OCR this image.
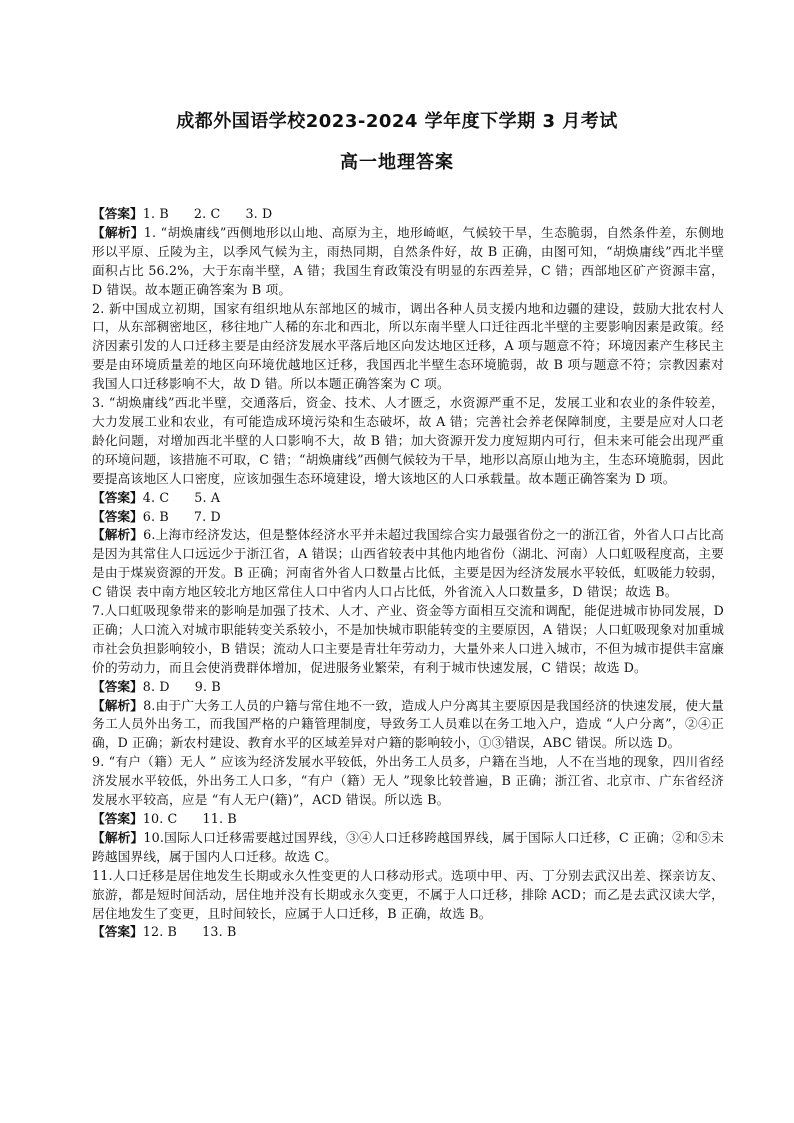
成都外国语学校2023-2024 学年度下学期 3 月考试
高一地理答案

【答案】1. B      2. C      3. D

【解析】1. “胡焕庸线”西侧地形以山地、高原为主，地形崎岖，气候较干旱，生态脆弱，自然条件差，东侧地形以平原、丘陵为主，以季风气候为主，雨热同期，自然条件好，故 B 正确，由图可知，“胡焕庸线”西北半壁面积占比 56.2%，大于东南半壁，A 错；我国生育政策没有明显的东西差异，C 错；西部地区矿产资源丰富，D 错误。故本题正确答案为 B 项。

2. 新中国成立初期，国家有组织地从东部地区的城市，调出各种人员支援内地和边疆的建设，鼓励大批农村人口，从东部稠密地区，移往地广人稀的东北和西北，所以东南半壁人口迁往西北半壁的主要影响因素是政策。经济因素引发的人口迁移主要是由经济发展水平落后地区向发达地区迁移，A 项与题意不符；环境因素产生移民主要是由环境质量差的地区向环境优越地区迁移，我国西北半壁生态环境脆弱，故 B 项与题意不符；宗教因素对我国人口迁移影响不大，故 D 错。所以本题正确答案为 C 项。

3. “胡焕庸线”西北半壁，交通落后，资金、技术、人才匮乏，水资源严重不足，发展工业和农业的条件较差，大力发展工业和农业，有可能造成环境污染和生态破坏，故 A 错；完善社会养老保障制度，主要是应对人口老龄化问题，对增加西北半壁的人口影响不大，故 B 错；加大资源开发力度短期内可行，但未来可能会出现严重的环境问题，该措施不可取，C 错；“胡焕庸线”西侧气候较为干旱，地形以高原山地为主，生态环境脆弱，因此要提高该地区人口密度，应该加强生态环境建设，增大该地区的人口承载量。故本题正确答案为 D 项。

【答案】4. C      5. A

【答案】6. B      7. D

【解析】6.上海市经济发达，但是整体经济水平并未超过我国综合实力最强省份之一的浙江省，外省人口占比高是因为其常住人口远远少于浙江省，A 错误；山西省较表中其他内地省份（湖北、河南）人口虹吸程度高，主要是由于煤炭资源的开发。B 正确；河南省外省人口数量占比低，主要是因为经济发展水平较低，虹吸能力较弱，C 错误 表中南方地区较北方地区常住人口中省内人口占比低，外省流入人口数量多，D 错误；故选 B。

7.人口虹吸现象带来的影响是加强了技术、人才、产业、资金等方面相互交流和调配，能促进城市协同发展，D 正确；人口流入对城市职能转变关系较小，不是加快城市职能转变的主要原因，A 错误；人口虹吸现象对加重城市社会负担影响较小，B 错误；流动人口主要是青壮年劳动力，大量外来人口进入城市，不但为城市提供丰富廉价的劳动力，而且会使消费群体增加，促进服务业繁荣，有利于城市快速发展，C 错误；故选 D。

【答案】8. D      9. B

【解析】8.由于广大务工人员的户籍与常住地不一致，造成人户分离其主要原因是我国经济的快速发展，使大量务工人员外出务工，而我国严格的户籍管理制度，导致务工人员难以在务工地入户，造成 “人户分离”，②④正确，D 正确；新农村建设、教育水平的区域差异对户籍的影响较小，①③错误，ABC 错误。所以选 D。

9. “有户（籍）无人 ” 应该为经济发展水平较低，外出务工人员多，户籍在当地，人不在当地的现象，四川省经济发展水平较低，外出务工人口多，“有户（籍）无人 ”现象比较普遍，B 正确；浙江省、北京市、广东省经济发展水平较高，应是 “有人无户(籍)”，ACD 错误。所以选 B。

【答案】10. C      11. B

【解析】10.国际人口迁移需要越过国界线，③④人口迁移跨越国界线，属于国际人口迁移，C 正确；②和⑤未跨越国界线，属于国内人口迁移。故选 C。

11.人口迁移是居住地发生长期或永久性变更的人口移动形式。选项中甲、丙、丁分别去武汉出差、探亲访友、旅游，都是短时间活动，居住地并没有长期或永久变更，不属于人口迁移，排除 ACD；而乙是去武汉读大学，居住地发生了变更，且时间较长，应属于人口迁移，B 正确，故选 B。

【答案】12. B      13. B
